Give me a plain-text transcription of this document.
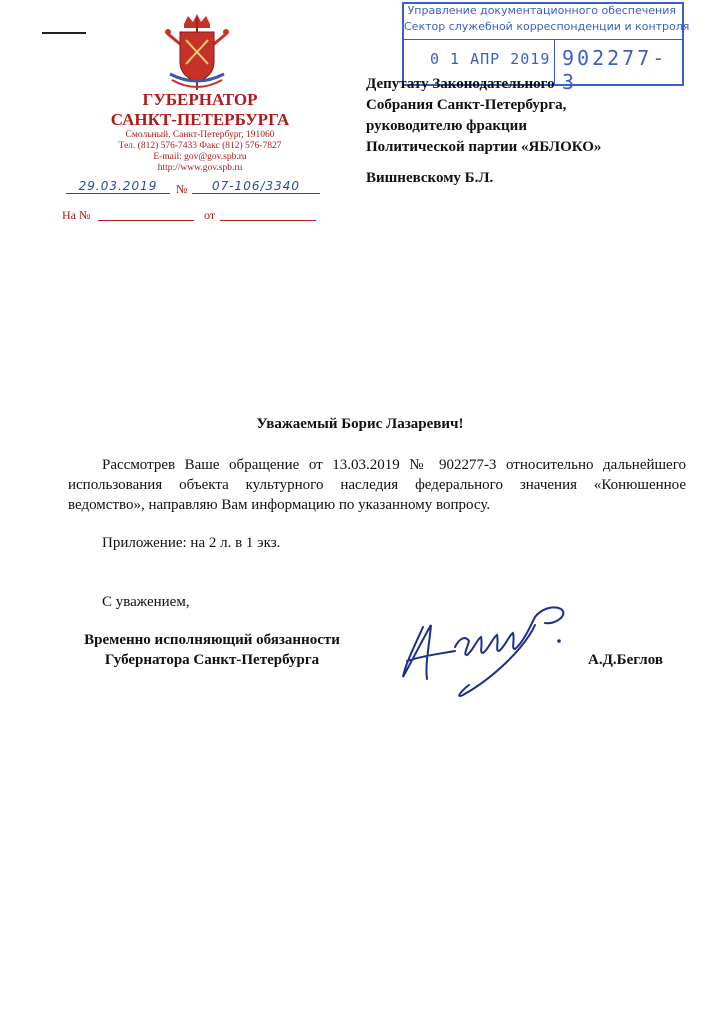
ГУБЕРНАТОР
САНКТ-ПЕТЕРБУРГА
Смольный, Санкт-Петербург, 191060
Тел. (812) 576-7433 Факс (812) 576-7827
E-mail: gov@gov.spb.ru
http://www.gov.spb.ru
29.03.2019	№	07-106/3340
На №	от
Управление документационного обеспечения
Сектор служебной корреспонденции и контроля
0 1 АПР 2019 902277-3
Депутату Законодательного
Собрания Санкт-Петербурга,
руководителю фракции
Политической партии «ЯБЛОКО»
Вишневскому Б.Л.
Уважаемый Борис Лазаревич!
Рассмотрев Ваше обращение от 13.03.2019 № 902277-3 относительно дальнейшего использования объекта культурного наследия федерального значения «Конюшенное ведомство», направляю Вам информацию по указанному вопросу.
Приложение: на 2 л. в 1 экз.
С уважением,
Временно исполняющий обязанности
Губернатора Санкт-Петербурга	А.Д.Беглов
